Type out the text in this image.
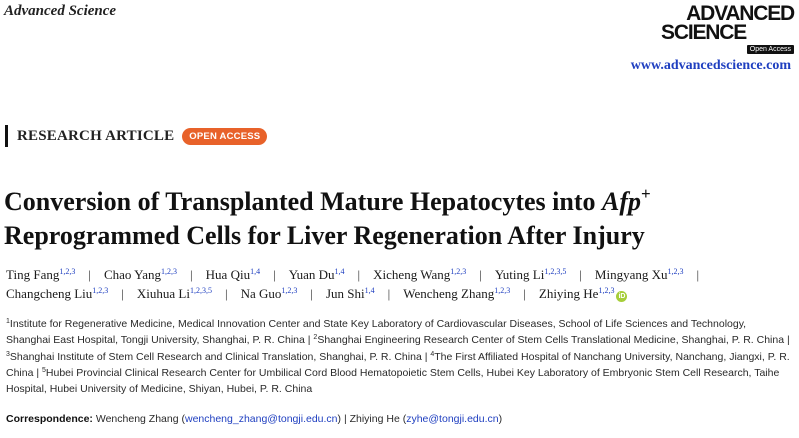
Advanced Science	ADVANCED
SCIENCE
Open Access
www.advancedscience.com
RESEARCH ARTICLE	OPEN ACCESS
Conversion of Transplanted Mature Hepatocytes into Afp+
Reprogrammed Cells for Liver Regeneration After Injury
Ting Fang$^{1,2,3}$ | Chao Yang$^{1,2,3}$ | Hua Qiu$^{1,4}$ | Yuan Du$^{1,4}$ | Xicheng Wang$^{1,2,3}$ | Yuting Li$^{1,2,3,5}$ | Mingyang Xu$^{1,2,3}$ |
Changcheng Liu$^{1,2,3}$ | Xiuhua Li$^{1,2,3,5}$ | Na Guo$^{1,2,3}$ | Jun Shi$^{1,4}$ | Wencheng Zhang$^{1,2,3}$ | Zhiying He$^{1,2,3}$iD
$^1$Institute for Regenerative Medicine, Medical Innovation Center and State Key Laboratory of Cardiovascular Diseases, School of Life Sciences and Technology, Shanghai East Hospital, Tongji University, Shanghai, P. R. China | $^2$Shanghai Engineering Research Center of Stem Cells Translational Medicine, Shanghai, P. R. China | $^3$Shanghai Institute of Stem Cell Research and Clinical Translation, Shanghai, P. R. China | $^4$The First Affiliated Hospital of Nanchang University, Nanchang, Jiangxi, P. R. China | $^5$Hubei Provincial Clinical Research Center for Umbilical Cord Blood Hematopoietic Stem Cells, Hubei Key Laboratory of Embryonic Stem Cell Research, Taihe Hospital, Hubei University of Medicine, Shiyan, Hubei, P. R. China
Correspondence: Wencheng Zhang (wencheng_zhang@tongji.edu.cn) | Zhiying He (zyhe@tongji.edu.cn)
